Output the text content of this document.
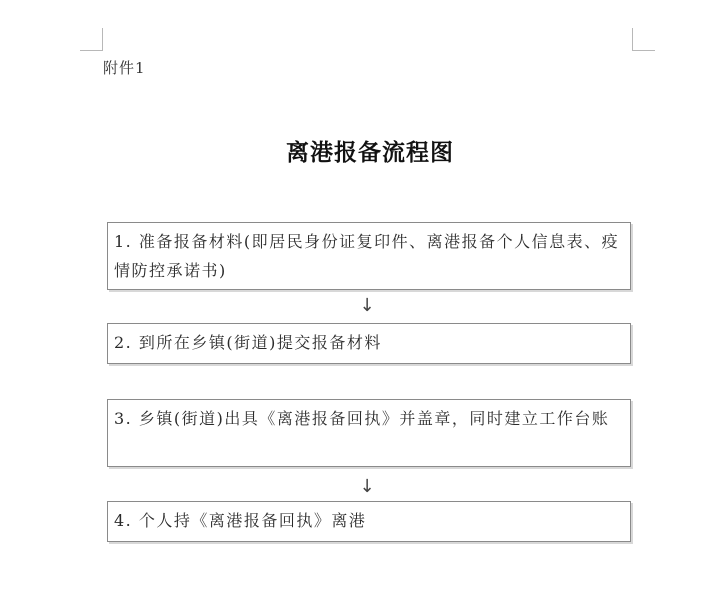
附件1
离港报备流程图
1. 准备报备材料(即居民身份证复印件、离港报备个人信息表、疫情防控承诺书)
↓
2. 到所在乡镇(街道)提交报备材料
3. 乡镇(街道)出具《离港报备回执》并盖章，同时建立工作台账
↓
4. 个人持《离港报备回执》离港
